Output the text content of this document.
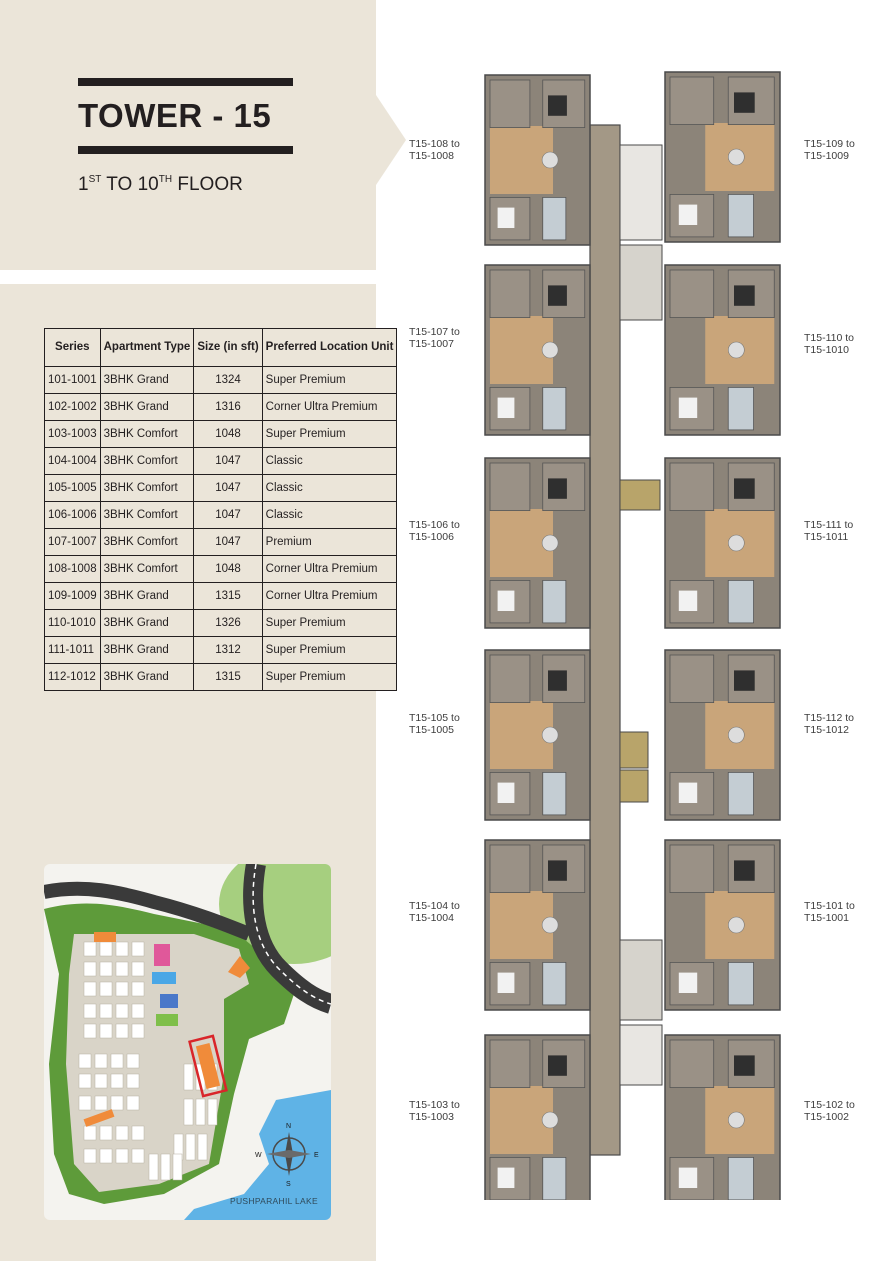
TOWER - 15
1ST TO 10TH FLOOR
Series	Apartment Type	Size (in sft)	Preferred Location Unit
101-1001	3BHK Grand	1324	Super Premium
102-1002	3BHK Grand	1316	Corner Ultra Premium
103-1003	3BHK Comfort	1048	Super Premium
104-1004	3BHK Comfort	1047	Classic
105-1005	3BHK Comfort	1047	Classic
106-1006	3BHK Comfort	1047	Classic
107-1007	3BHK Comfort	1047	Premium
108-1008	3BHK Comfort	1048	Corner Ultra Premium
109-1009	3BHK Grand	1315	Corner Ultra Premium
110-1010	3BHK Grand	1326	Super Premium
111-1011	3BHK Grand	1312	Super Premium
112-1012	3BHK Grand	1315	Super Premium
N
S
E
W
PUSHPARAHIL LAKE
T15-108 to
T15-1008
T15-107 to
T15-1007
T15-106 to
T15-1006
T15-105 to
T15-1005
T15-104 to
T15-1004
T15-103 to
T15-1003
T15-109 to
T15-1009
T15-110 to
T15-1010
T15-111 to
T15-1011
T15-112 to
T15-1012
T15-101 to
T15-1001
T15-102 to
T15-1002
